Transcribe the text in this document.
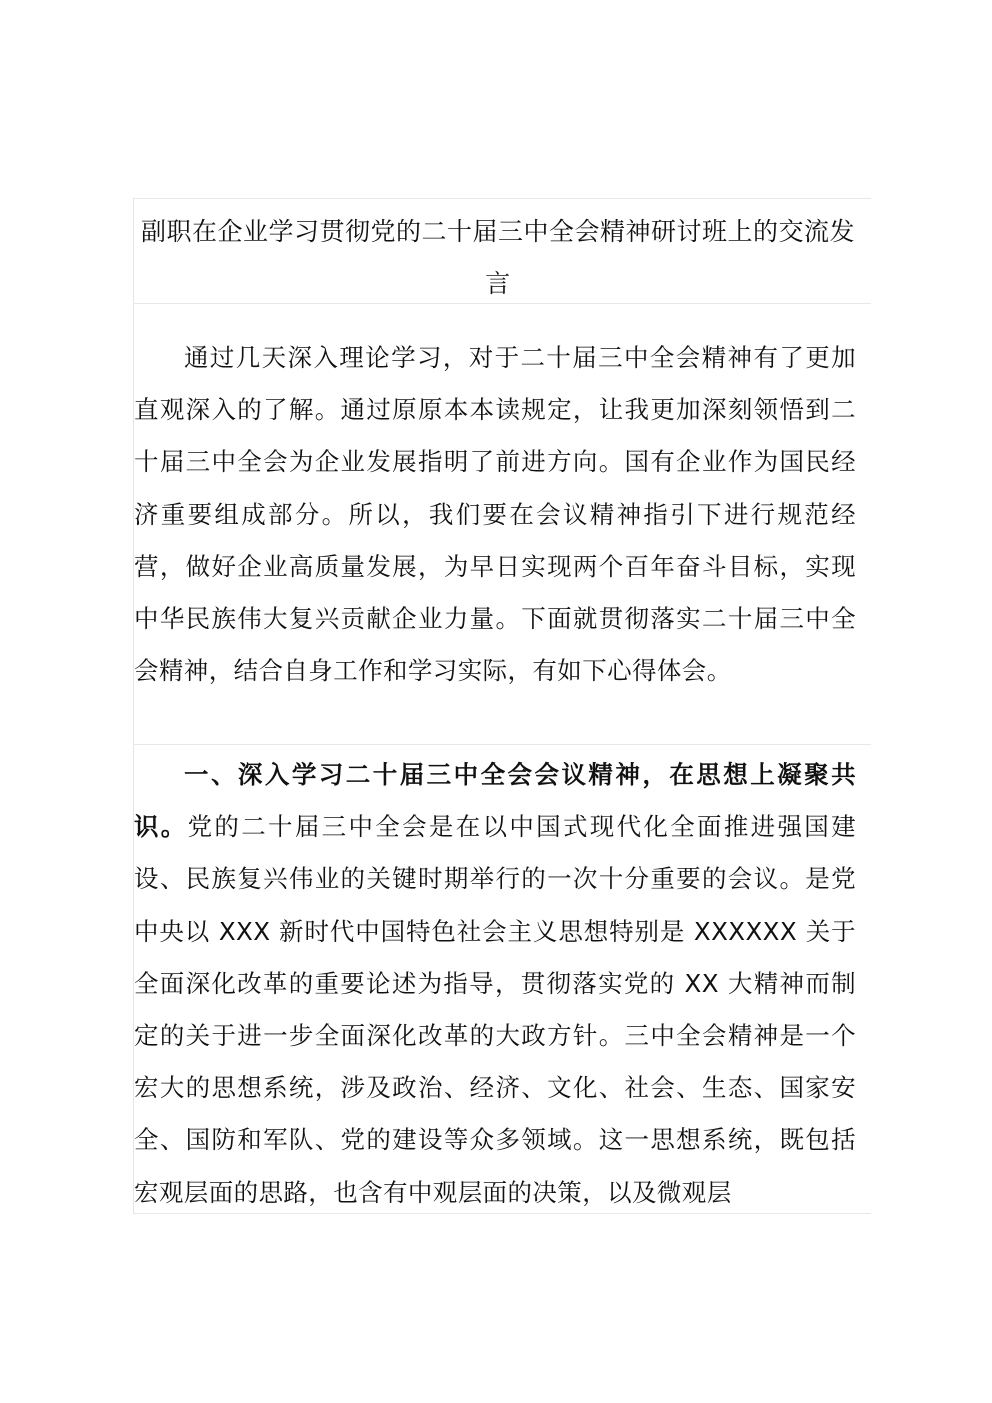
副职在企业学习贯彻党的二十届三中全会精神研讨班上的交流发言

通过几天深入理论学习，对于二十届三中全会精神有了更加直观深入的了解。通过原原本本读规定，让我更加深刻领悟到二十届三中全会为企业发展指明了前进方向。国有企业作为国民经济重要组成部分。所以，我们要在会议精神指引下进行规范经营，做好企业高质量发展，为早日实现两个百年奋斗目标，实现中华民族伟大复兴贡献企业力量。下面就贯彻落实二十届三中全会精神，结合自身工作和学习实际，有如下心得体会。

一、深入学习二十届三中全会会议精神，在思想上凝聚共识。党的二十届三中全会是在以中国式现代化全面推进强国建设、民族复兴伟业的关键时期举行的一次十分重要的会议。是党中央以 XXX 新时代中国特色社会主义思想特别是 XXXXXX 关于全面深化改革的重要论述为指导，贯彻落实党的 XX 大精神而制定的关于进一步全面深化改革的大政方针。三中全会精神是一个宏大的思想系统，涉及政治、经济、文化、社会、生态、国家安全、国防和军队、党的建设等众多领域。这一思想系统，既包括宏观层面的思路，也含有中观层面的决策，以及微观层
